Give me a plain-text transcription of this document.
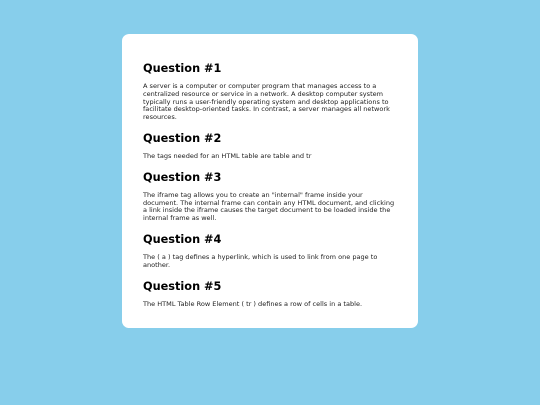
Question #1

A server is a computer or computer program that manages access to a centralized resource or service in a network. A desktop computer system typically runs a user-friendly operating system and desktop applications to facilitate desktop-oriented tasks. In contrast, a server manages all network resources.

Question #2

The tags needed for an HTML table are table and tr

Question #3

The iframe tag allows you to create an "internal" frame inside your document. The internal frame can contain any HTML document, and clicking a link inside the iframe causes the target document to be loaded inside the internal frame as well.

Question #4

The ( a ) tag defines a hyperlink, which is used to link from one page to another.

Question #5

The HTML Table Row Element ( tr ) defines a row of cells in a table.
